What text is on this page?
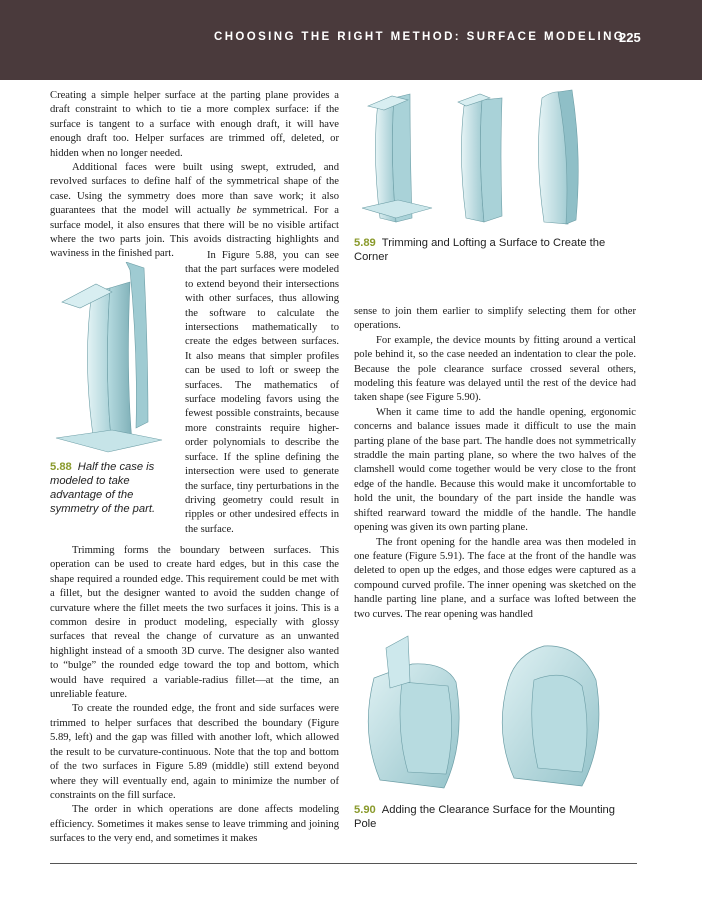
CHOOSING THE RIGHT METHOD: SURFACE MODELING
225

Creating a simple helper surface at the parting plane provides a draft constraint to which to tie a more complex surface: if the surface is tangent to a surface with enough draft, it will have enough draft too. Helper surfaces are trimmed off, deleted, or hidden when no longer needed.

Additional faces were built using swept, extruded, and revolved surfaces to define half of the symmetrical shape of the case. Using the symmetry does more than save work; it also guarantees that the model will actually be symmetrical. For a surface model, it also ensures that there will be no visible artifact where the two parts join. This avoids distracting highlights and waviness in the finished part.

5.88 Half the case is modeled to take advantage of the symmetry of the part.

In Figure 5.88, you can see that the part surfaces were modeled to extend beyond their intersections with other surfaces, thus allowing the software to calculate the intersections mathematically to create the edges between surfaces. It also means that simpler profiles can be used to loft or sweep the surfaces. The mathematics of surface modeling favors using the fewest possible constraints, because more constraints require higher-order polynomials to describe the surface. If the spline defining the intersection were used to generate the surface, tiny perturbations in the driving geometry could result in ripples or other undesired effects in the surface.

Trimming forms the boundary between surfaces. This operation can be used to create hard edges, but in this case the shape required a rounded edge. This requirement could be met with a fillet, but the designer wanted to avoid the sudden change of curvature where the fillet meets the two surfaces it joins. This is a common desire in product modeling, especially with glossy surfaces that reveal the change of curvature as an unwanted highlight instead of a smooth 3D curve. The designer also wanted to “bulge” the rounded edge toward the top and bottom, which would have required a variable-radius fillet—at the time, an unreliable feature.

To create the rounded edge, the front and side surfaces were trimmed to helper surfaces that described the boundary (Figure 5.89, left) and the gap was filled with another loft, which allowed the result to be curvature-continuous. Note that the top and bottom of the two surfaces in Figure 5.89 (middle) still extend beyond where they will eventually end, again to minimize the number of constraints on the fill surface.

The order in which operations are done affects modeling efficiency. Sometimes it makes sense to leave trimming and joining surfaces to the very end, and sometimes it makes

5.89 Trimming and Lofting a Surface to Create the Corner

sense to join them earlier to simplify selecting them for other operations.

For example, the device mounts by fitting around a vertical pole behind it, so the case needed an indentation to clear the pole. Because the pole clearance surface crossed several others, modeling this feature was delayed until the rest of the device had taken shape (see Figure 5.90).

When it came time to add the handle opening, ergonomic concerns and balance issues made it difficult to use the main parting plane of the base part. The handle does not symmetrically straddle the main parting plane, so where the two halves of the clamshell would come together would be very close to the front edge of the handle. Because this would make it uncomfortable to hold the unit, the boundary of the part inside the handle was shifted rearward toward the middle of the handle. The handle opening was given its own parting plane.

The front opening for the handle area was then modeled in one feature (Figure 5.91). The face at the front of the handle was deleted to open up the edges, and those edges were captured as a compound curved profile. The inner opening was sketched on the handle parting line plane, and a surface was lofted between the two curves. The rear opening was handled

5.90 Adding the Clearance Surface for the Mounting Pole
